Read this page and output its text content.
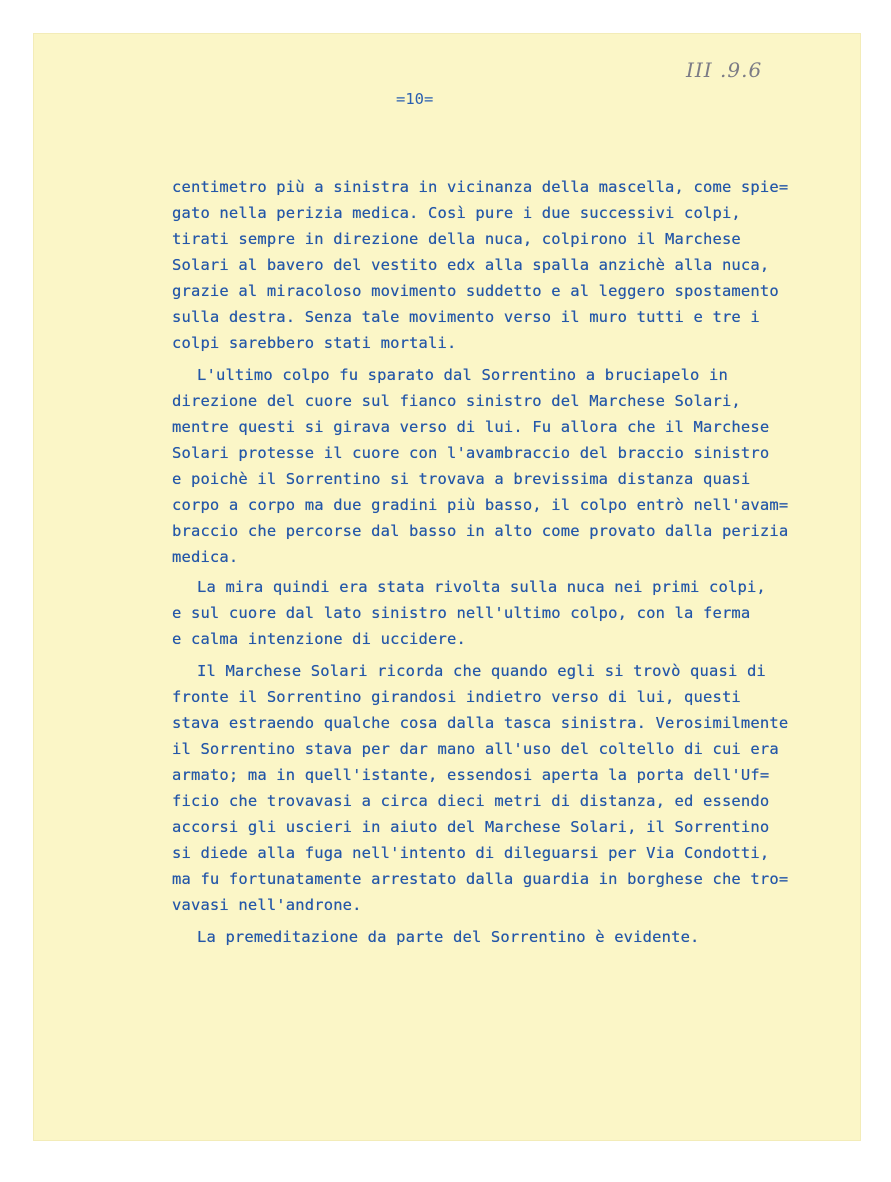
III .9.6
=10=
centimetro più a sinistra in vicinanza della mascella, come spie=
gato nella perizia medica. Così pure i due successivi colpi,
tirati sempre in direzione della nuca, colpirono il Marchese
Solari al bavero del vestito edx alla spalla anzichè alla nuca,
grazie al miracoloso movimento suddetto e al leggero spostamento
sulla destra. Senza tale movimento verso il muro tutti e tre i
colpi sarebbero stati mortali.
L'ultimo colpo fu sparato dal Sorrentino a bruciapelo in
direzione del cuore sul fianco sinistro del Marchese Solari,
mentre questi si girava verso di lui. Fu allora che il Marchese
Solari protesse il cuore con l'avambraccio del braccio sinistro
e poichè il Sorrentino si trovava a brevissima distanza quasi
corpo a corpo ma due gradini più basso, il colpo entrò nell'avam=
braccio che percorse dal basso in alto come provato dalla perizia
medica.
La mira quindi era stata rivolta sulla nuca nei primi colpi,
e sul cuore dal lato sinistro nell'ultimo colpo, con la ferma
e calma intenzione di uccidere.
Il Marchese Solari ricorda che quando egli si trovò quasi di
fronte il Sorrentino girandosi indietro verso di lui, questi
stava estraendo qualche cosa dalla tasca sinistra. Verosimilmente
il Sorrentino stava per dar mano all'uso del coltello di cui era
armato; ma in quell'istante, essendosi aperta la porta dell'Uf=
ficio che trovavasi a circa dieci metri di distanza, ed essendo
accorsi gli uscieri in aiuto del Marchese Solari, il Sorrentino
si diede alla fuga nell'intento di dileguarsi per Via Condotti,
ma fu fortunatamente arrestato dalla guardia in borghese che tro=
vavasi nell'androne.
La premeditazione da parte del Sorrentino è evidente.
